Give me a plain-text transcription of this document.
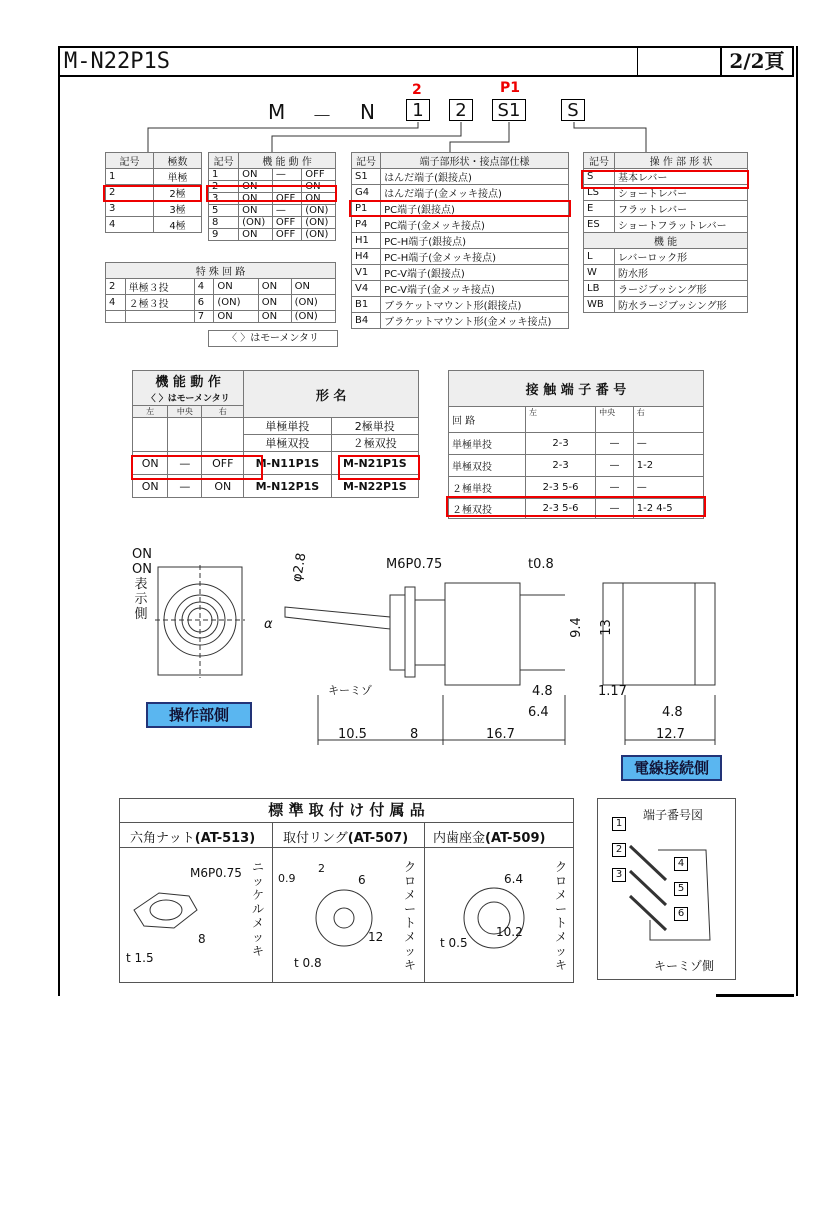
M-N22P1S	2/2頁
M － N	1	2	S1	S
2	P1
記号	極数
1	単極
2	2極
3	3極
4	4極
記号	機 能 動 作		
1	ON	—	OFF
2	ON	—	ON
3	ON	OFF	ON
5	ON	—	(ON)
8	(ON)	OFF	(ON)
9	ON	OFF	(ON)
特 殊 回 路					
2	単極３投	4	ON	ON	ON
4	２極３投	6	(ON)	ON	(ON)
		7	ON	ON	(ON)
〈 〉はモーメンタリ
記号	端子部形状・接点部仕様
S1	はんだ端子(銀接点)
G4	はんだ端子(金メッキ接点)
P1	PC端子(銀接点)
P4	PC端子(金メッキ接点)
H1	PC-H端子(銀接点)
H4	PC-H端子(金メッキ接点)
V1	PC-V端子(銀接点)
V4	PC-V端子(金メッキ接点)
B1	ブラケットマウント形(銀接点)
B4	ブラケットマウント形(金メッキ接点)
記号	操 作 部 形 状
S	基本レバー
LS	ショートレバー
E	フラットレバー
ES	ショートフラットレバー
機 能	
L	レバーロック形
W	防水形
LB	ラージブッシング形
WB	防水ラージブッシング形
機 能 動 作
〈 〉はモーメンタリ			形 名	
左	中央	右		
			単極単投	2極単投
			単極双投	２極双投
ON	—	OFF	M-N11P1S	M-N21P1S
ON	—	ON	M-N12P1S	M-N22P1S
接 触 端 子 番 号			
回 路	左	中央	右
単極単投	2-3	—	—
単極双投	2-3	—	1-2
２極単投	2-3 5-6	—	—
２極双投	2-3 5-6	—	1-2 4-5
ON ON 表示側
φ2.8
α
M6P0.75	t0.8
9.4 13
4.8
6.4
1.17
4.8
10.5	8	16.7	12.7
キーミゾ
操作部側
電線接続側
標 準 取 付 け 付 属 品
六角ナット(AT-513) 取付リング(AT-507) 内歯座金(AT-509)
M6P0.75
t 1.5
8
ニッケルメッキ
0.9
2
6
12
t 0.8
クロメートメッキ
6.4
10.2
t 0.5
クロメートメッキ
端子番号図
1
2
3
4
5
6
キーミゾ側
